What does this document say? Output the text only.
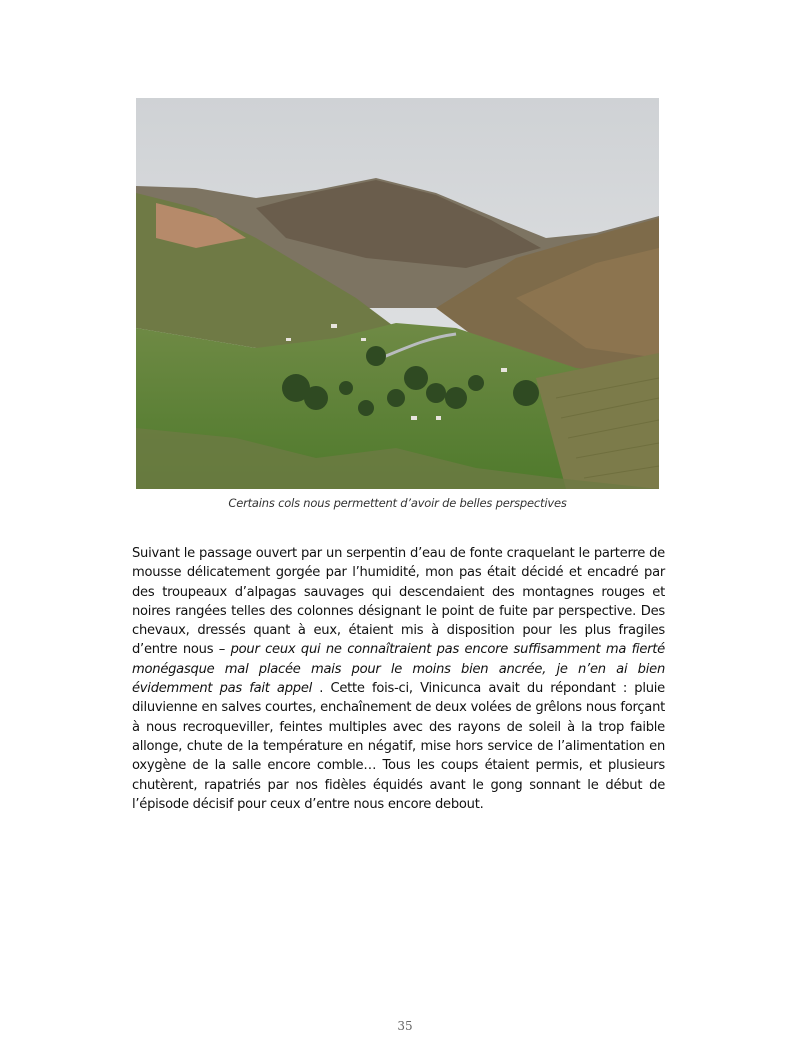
Certains cols nous permettent d’avoir de belles perspectives

Suivant le passage ouvert par un serpentin d’eau de fonte craquelant le parterre de mousse délicatement gorgée par l’humidité, mon pas était décidé et encadré par des troupeaux d’alpagas sauvages qui descendaient des montagnes rouges et noires rangées telles des colonnes désignant le point de fuite par perspective. Des chevaux, dressés quant à eux, étaient mis à disposition pour les plus fragiles d’entre nous – pour ceux qui ne connaîtraient pas encore suffisamment ma fierté monégasque mal placée mais pour le moins bien ancrée, je n’en ai bien évidemment pas fait appel . Cette fois-ci, Vinicunca avait du répondant : pluie diluvienne en salves courtes, enchaînement de deux volées de grêlons nous forçant à nous recroqueviller, feintes multiples avec des rayons de soleil à la trop faible allonge, chute de la température en négatif, mise hors service de l’alimentation en oxygène de la salle encore comble… Tous les coups étaient permis, et plusieurs chutèrent, rapatriés par nos fidèles équidés avant le gong sonnant le début de l’épisode décisif pour ceux d’entre nous encore debout.

35
